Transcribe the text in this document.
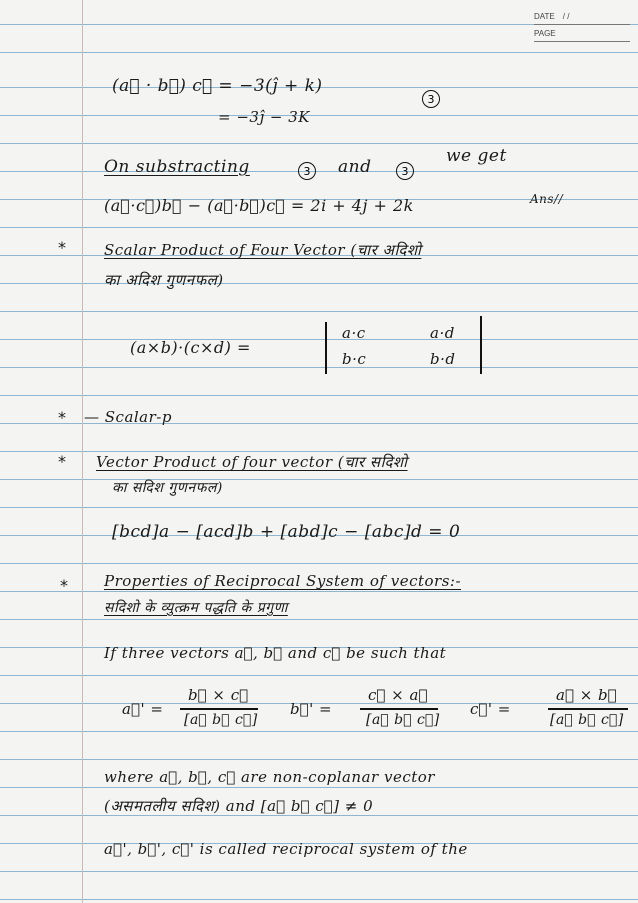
DATE / /
PAGE
(a⃗ · b⃗) c⃗ = −3(ĵ + k)
3
= −3ĵ − 3K
On substracting	3	and	3
we get
(a⃗·c⃗)b⃗ − (a⃗·b⃗)c⃗ = 2i + 4j + 2k	Ans//
*	Scalar Product of Four Vector (चार अदिशो
का अदिश गुणनफल)
(a×b)·(c×d) =
a·c	a·d
b·c	b·d
* — Scalar-p
* Vector Product of four vector (चार सदिशो
का सदिश गुणनफल)
[bcd]a − [acd]b + [abd]c − [abc]d = 0
* Properties of Reciprocal System of vectors:-
सदिशो के व्युत्क्रम पद्धति के प्रगुणा
If three vectors a⃗, b⃗ and c⃗ be such that
a⃗' =
b⃗ × c⃗
[a⃗ b⃗ c⃗]
b⃗' =
c⃗ × a⃗
[a⃗ b⃗ c⃗]
c⃗' =
a⃗ × b⃗
[a⃗ b⃗ c⃗]
where a⃗, b⃗, c⃗ are non-coplanar vector
(असमतलीय सदिश) and [a⃗ b⃗ c⃗] ≠ 0
a⃗', b⃗', c⃗' is called reciprocal system of the
